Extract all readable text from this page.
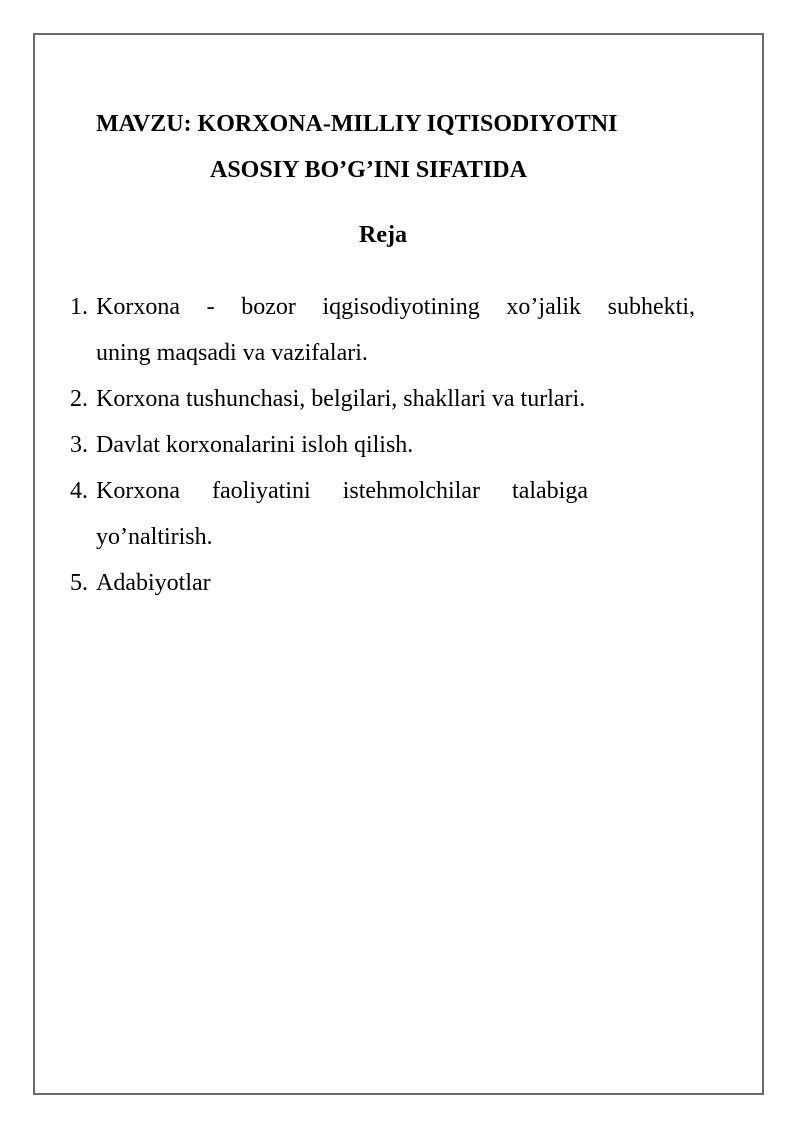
MAVZU: KORXONA-MILLIY IQTISODIYOTNI
ASOSIY BO’G’INI SIFATIDA
Reja
1. Korxona - bozor iqgisodiyotining xo’jalik subhekti,
uning maqsadi va vazifalari.
2. Korxona tushunchasi, belgilari, shakllari va turlari.
3. Davlat korxonalarini isloh qilish.
4. Korxona faoliyatini istehmolchilar talabiga
yo’naltirish.
5. Adabiyotlar
